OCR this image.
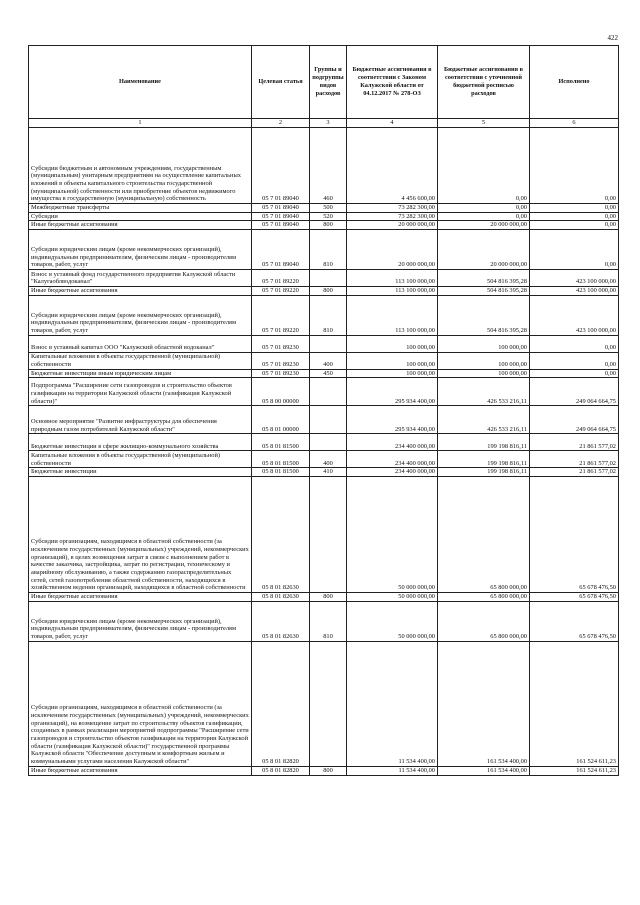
422
Наименование	Целевая статья	Группы и подгруппы видов расходов	Бюджетные ассигнования в соответствии с Законом Калужской области от 04.12.2017 № 278-ОЗ	Бюджетные ассигнования в соответствии с уточненной бюджетной росписью расходов	Исполнено
1	2	3	4	5	6
Субсидии бюджетным и автономным учреждениям, государственным (муниципальным) унитарным предприятиям на осуществление капитальных вложений в объекты капитального строительства государственной (муниципальной) собственности или приобретение объектов недвижимого имущества в государственную (муниципальную) собственность	05 7 01 89040	460	4 456 600,00	0,00	0,00
Межбюджетные трансферты	05 7 01 89040	500	73 282 300,00	0,00	0,00
Субсидии	05 7 01 89040	520	73 282 300,00	0,00	0,00
Иные бюджетные ассигнования	05 7 01 89040	800	20 000 000,00	20 000 000,00	0,00
Субсидии юридическим лицам (кроме некоммерческих организаций), индивидуальным предпринимателям, физическим лицам - производителям товаров, работ, услуг	05 7 01 89040	810	20 000 000,00	20 000 000,00	0,00
Взнос в уставный фонд государственного предприятия Калужской области "Калугаоблводоканал"	05 7 01 89220		113 100 000,00	504 816 395,28	423 100 000,00
Иные бюджетные ассигнования	05 7 01 89220	800	113 100 000,00	504 816 395,28	423 100 000,00
Субсидии юридическим лицам (кроме некоммерческих организаций), индивидуальным предпринимателям, физическим лицам - производителям товаров, работ, услуг	05 7 01 89220	810	113 100 000,00	504 816 395,28	423 100 000,00
Взнос в уставный капитал ООО "Калужский областной водоканал"	05 7 01 89230		100 000,00	100 000,00	0,00
Капитальные вложения в объекты государственной (муниципальной) собственности	05 7 01 89230	400	100 000,00	100 000,00	0,00
Бюджетные инвестиции иным юридическим лицам	05 7 01 89230	450	100 000,00	100 000,00	0,00
Подпрограмма "Расширение сети газопроводов и строительство объектов газификации на территории Калужской области (газификация Калужской области)"	05 8 00 00000		295 934 400,00	426 533 216,11	249 064 664,75
Основное мероприятие "Развитие инфраструктуры для обеспечения природным газом потребителей Калужской области"	05 8 01 00000		295 934 400,00	426 533 216,11	249 064 664,75
Бюджетные инвестиции в сфере жилищно-коммунального хозяйства	05 8 01 81500		234 400 000,00	199 198 816,11	21 861 577,02
Капитальные вложения в объекты государственной (муниципальной) собственности	05 8 01 81500	400	234 400 000,00	199 198 816,11	21 861 577,02
Бюджетные инвестиции	05 8 01 81500	410	234 400 000,00	199 198 816,11	21 861 577,02
Субсидии организациям, находящимся в областной собственности (за исключением государственных (муниципальных) учреждений, некоммерческих организаций), в целях возмещения затрат в связи с выполнением работ в качестве заказчика, застройщика, затрат по регистрации, техническому и аварийному обслуживанию, а также содержанию газораспределительных сетей, сетей газопотребления областной собственности, находящихся в хозяйственном ведении организаций, находящихся в областной собственности	05 8 01 82630		50 000 000,00	65 800 000,00	65 678 476,50
Иные бюджетные ассигнования	05 8 01 82630	800	50 000 000,00	65 800 000,00	65 678 476,50
Субсидии юридическим лицам (кроме некоммерческих организаций), индивидуальным предпринимателям, физическим лицам - производителям товаров, работ, услуг	05 8 01 82630	810	50 000 000,00	65 800 000,00	65 678 476,50
Субсидии организациям, находящимся в областной собственности (за исключением государственных (муниципальных) учреждений, некоммерческих организаций), на возмещение затрат по строительству объектов газификации, созданных в рамках реализации мероприятий подпрограммы "Расширение сети газопроводов и строительство объектов газификации на территории Калужской области (газификация Калужской области)" государственной программы Калужской области "Обеспечение доступным и комфортным жильем и коммунальными услугами населения Калужской области"	05 8 01 82820		11 534 400,00	161 534 400,00	161 524 611,23
Иные бюджетные ассигнования	05 8 01 82820	800	11 534 400,00	161 534 400,00	161 524 611,23
